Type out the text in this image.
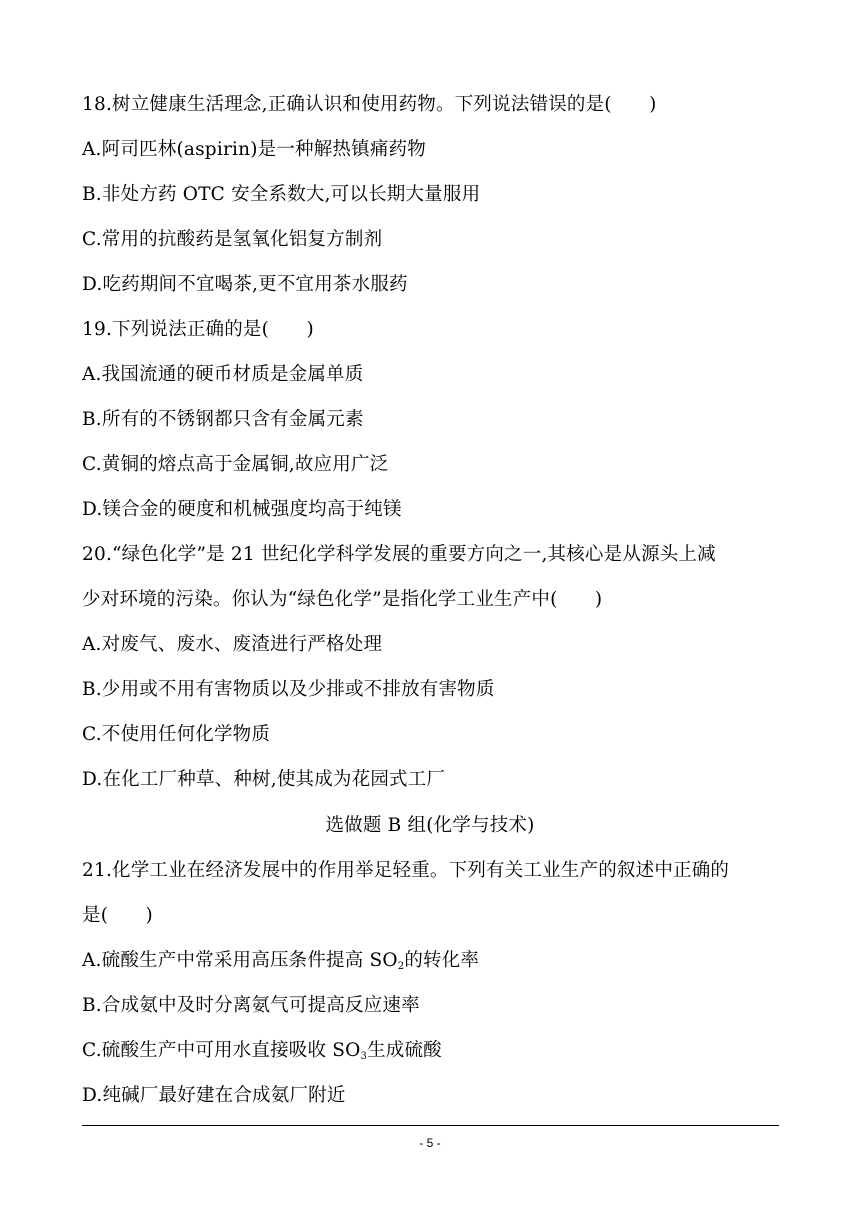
18.树立健康生活理念,正确认识和使用药物。下列说法错误的是(　　)
A.阿司匹林(aspirin)是一种解热镇痛药物
B.非处方药 OTC 安全系数大,可以长期大量服用
C.常用的抗酸药是氢氧化铝复方制剂
D.吃药期间不宜喝茶,更不宜用茶水服药
19.下列说法正确的是(　　)
A.我国流通的硬币材质是金属单质
B.所有的不锈钢都只含有金属元素
C.黄铜的熔点高于金属铜,故应用广泛
D.镁合金的硬度和机械强度均高于纯镁
20.“绿色化学”是 21 世纪化学科学发展的重要方向之一,其核心是从源头上减
少对环境的污染。你认为“绿色化学”是指化学工业生产中(　　)
A.对废气、废水、废渣进行严格处理
B.少用或不用有害物质以及少排或不排放有害物质
C.不使用任何化学物质
D.在化工厂种草、种树,使其成为花园式工厂
选做题 B 组(化学与技术)
21.化学工业在经济发展中的作用举足轻重。下列有关工业生产的叙述中正确的
是(　　)
A.硫酸生产中常采用高压条件提高 $SO_2$的转化率
B.合成氨中及时分离氨气可提高反应速率
C.硫酸生产中可用水直接吸收 $SO_3$生成硫酸
D.纯碱厂最好建在合成氨厂附近
- 5 -
